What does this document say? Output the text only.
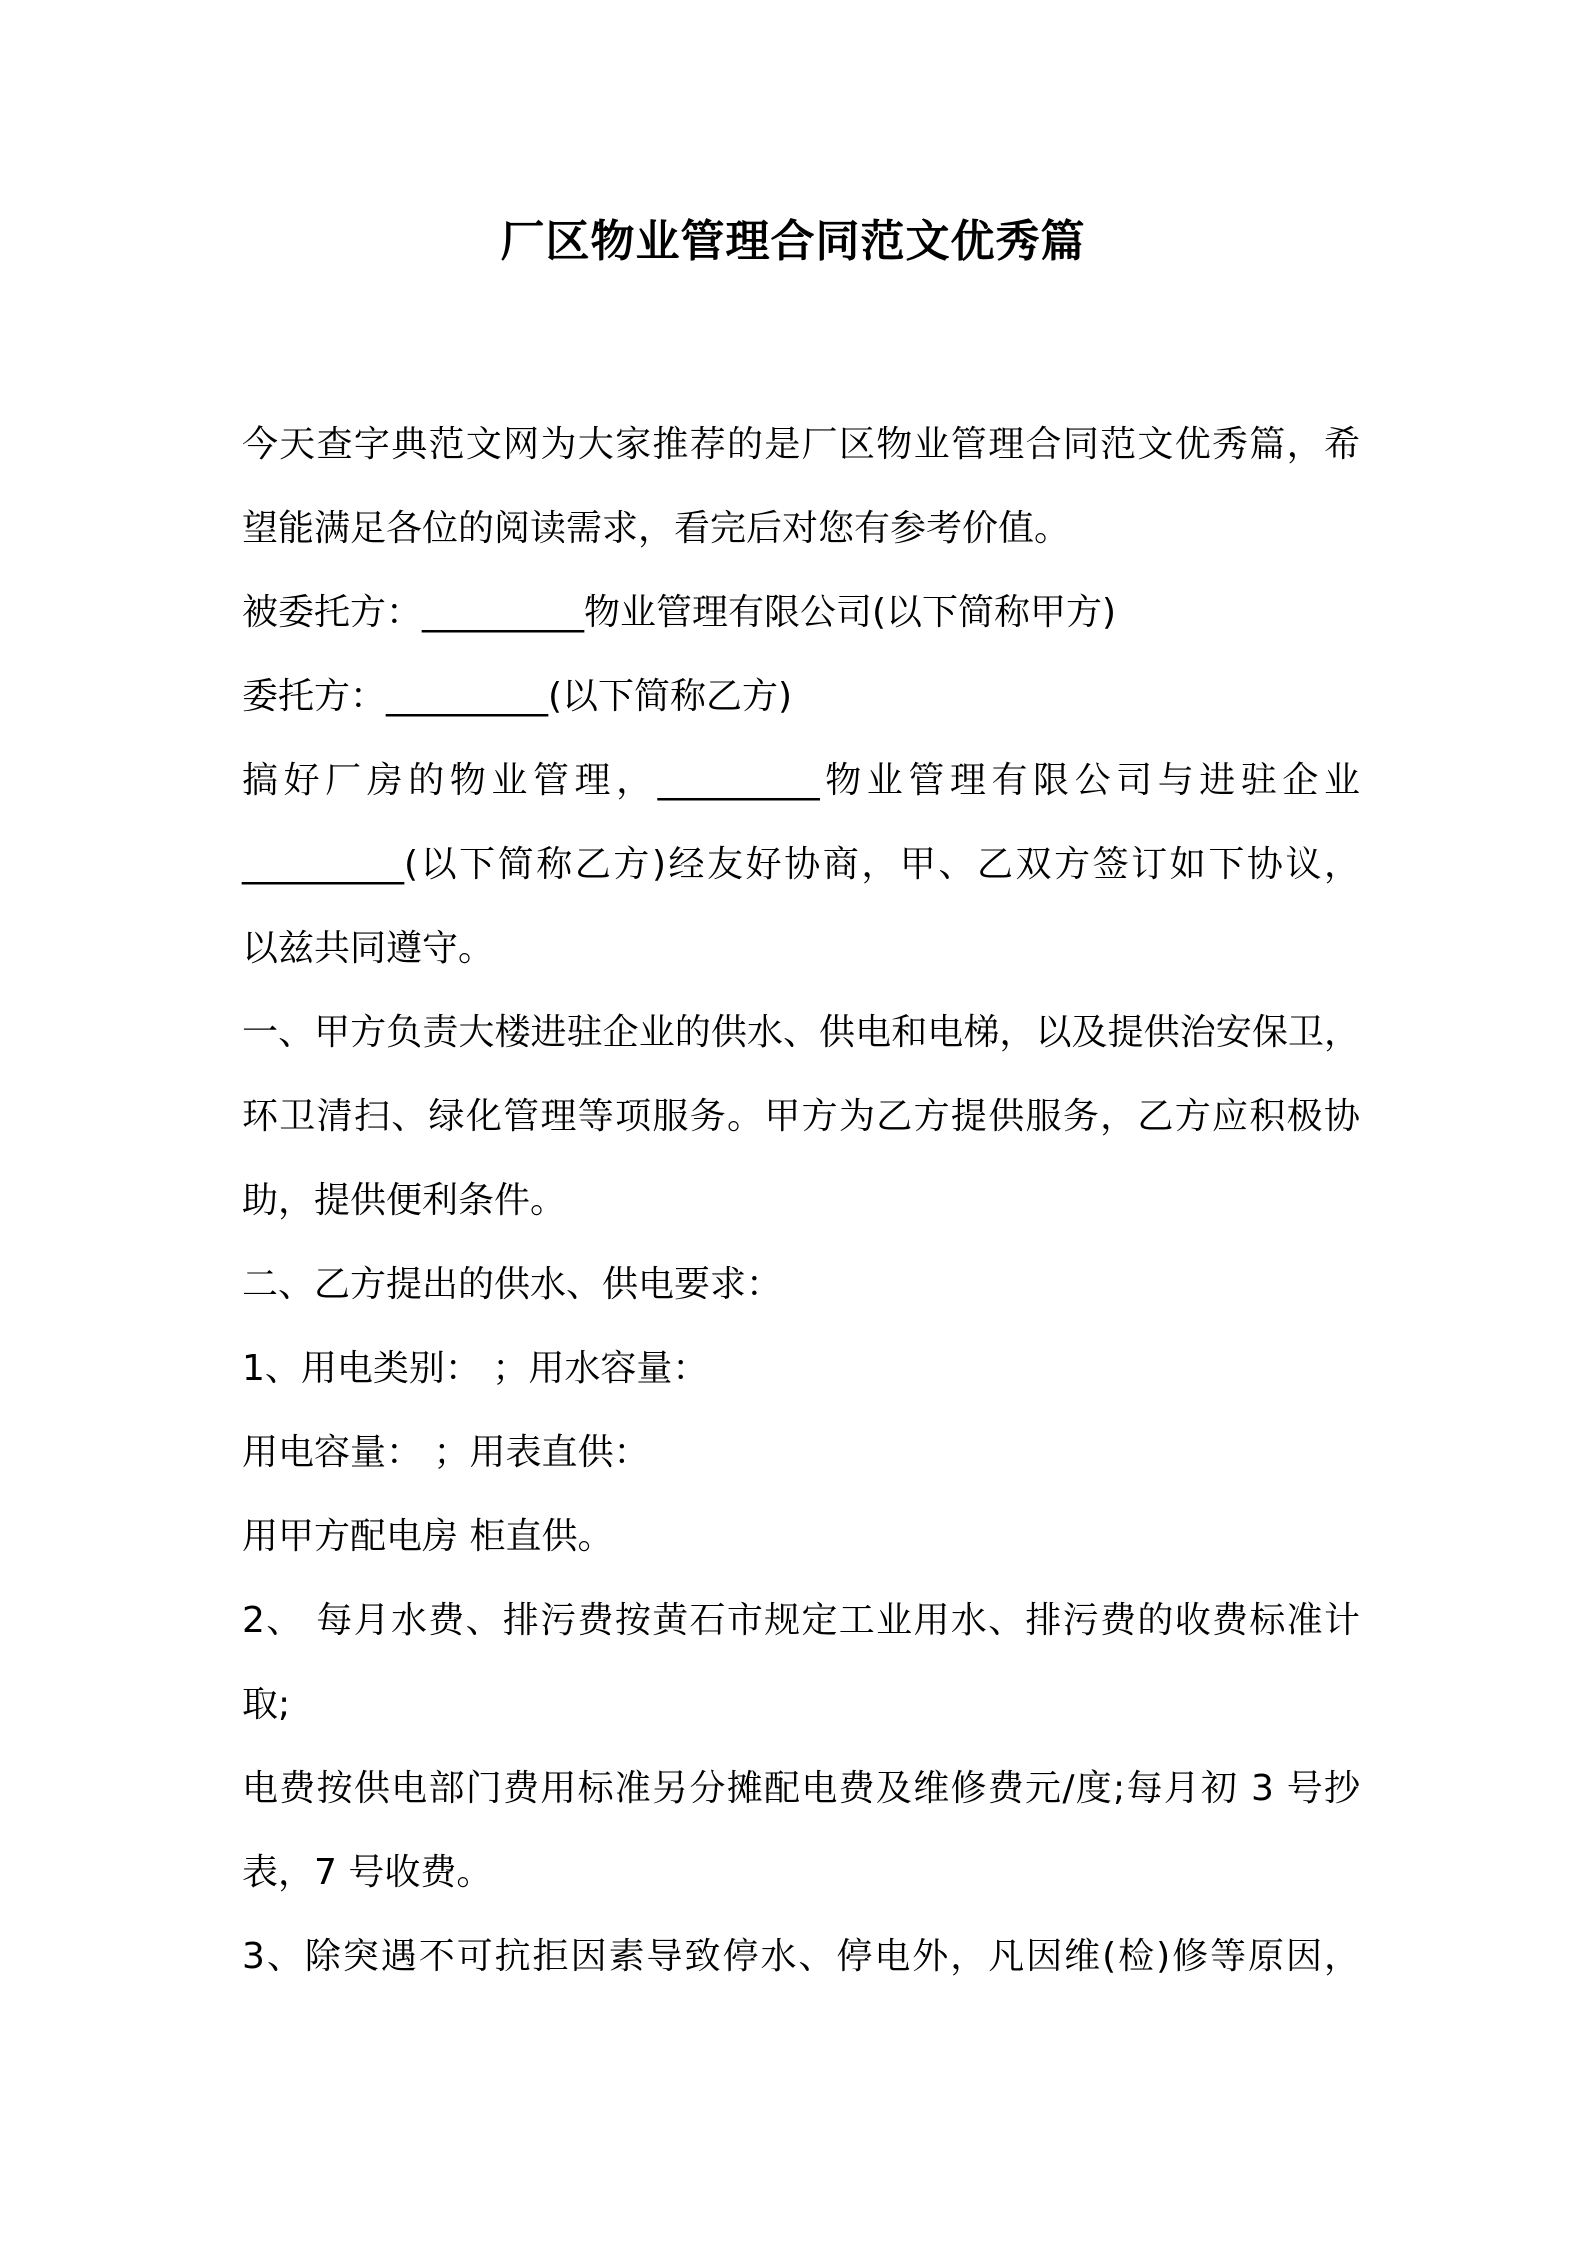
厂区物业管理合同范文优秀篇
今天查字典范文网为大家推荐的是厂区物业管理合同范文优秀篇，希
望能满足各位的阅读需求，看完后对您有参考价值。
被委托方：_________物业管理有限公司(以下简称甲方)
委托方：_________(以下简称乙方)
搞好厂房的物业管理，_________物业管理有限公司与进驻企业
_________(以下简称乙方)经友好协商，甲、乙双方签订如下协议，
以兹共同遵守。
一、甲方负责大楼进驻企业的供水、供电和电梯，以及提供治安保卫，
环卫清扫、绿化管理等项服务。甲方为乙方提供服务，乙方应积极协
助，提供便利条件。
二、乙方提出的供水、供电要求：
1、用电类别： ；用水容量：
用电容量： ；用表直供：
用甲方配电房 柜直供。
2、 每月水费、排污费按黄石市规定工业用水、排污费的收费标准计
取;
电费按供电部门费用标准另分摊配电费及维修费元/度;每月初 3 号抄
表，7 号收费。
3、除突遇不可抗拒因素导致停水、停电外，凡因维(检)修等原因，
